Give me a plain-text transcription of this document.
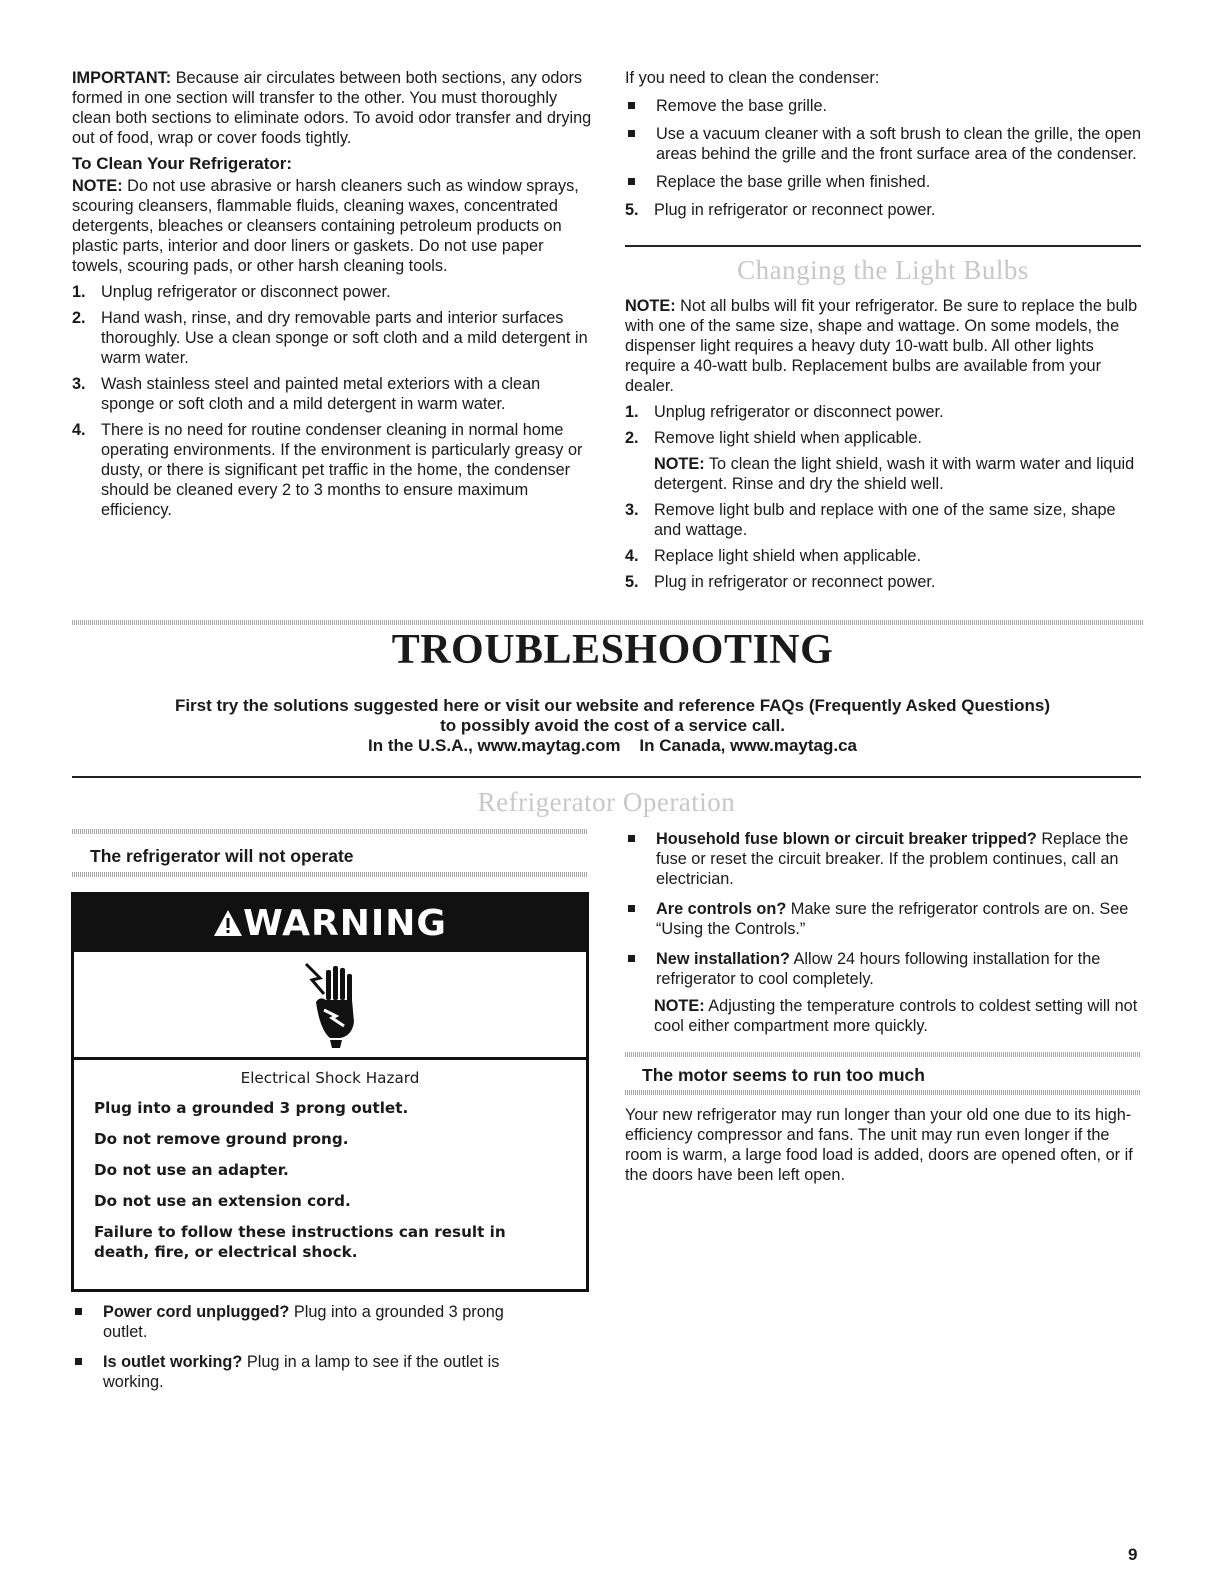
IMPORTANT: Because air circulates between both sections, any odors formed in one section will transfer to the other. You must thoroughly clean both sections to eliminate odors. To avoid odor transfer and drying out of food, wrap or cover foods tightly.

To Clean Your Refrigerator:

NOTE: Do not use abrasive or harsh cleaners such as window sprays, scouring cleansers, flammable fluids, cleaning waxes, concentrated detergents, bleaches or cleansers containing petroleum products on plastic parts, interior and door liners or gaskets. Do not use paper towels, scouring pads, or other harsh cleaning tools.

1. Unplug refrigerator or disconnect power.
2. Hand wash, rinse, and dry removable parts and interior surfaces thoroughly. Use a clean sponge or soft cloth and a mild detergent in warm water.
3. Wash stainless steel and painted metal exteriors with a clean sponge or soft cloth and a mild detergent in warm water.
4. There is no need for routine condenser cleaning in normal home operating environments. If the environment is particularly greasy or dusty, or there is significant pet traffic in the home, the condenser should be cleaned every 2 to 3 months to ensure maximum efficiency.

If you need to clean the condenser:

Remove the base grille.
Use a vacuum cleaner with a soft brush to clean the grille, the open areas behind the grille and the front surface area of the condenser.
Replace the base grille when finished.
5. Plug in refrigerator or reconnect power.
Changing the Light Bulbs

NOTE: Not all bulbs will fit your refrigerator. Be sure to replace the bulb with one of the same size, shape and wattage. On some models, the dispenser light requires a heavy duty 10-watt bulb. All other lights require a 40-watt bulb. Replacement bulbs are available from your dealer.

1. Unplug refrigerator or disconnect power.
2. Remove light shield when applicable.

NOTE: To clean the light shield, wash it with warm water and liquid detergent. Rinse and dry the shield well.

3. Remove light bulb and replace with one of the same size, shape and wattage.
4. Replace light shield when applicable.
5. Plug in refrigerator or reconnect power.
TROUBLESHOOTING
First try the solutions suggested here or visit our website and reference FAQs (Frequently Asked Questions)
to possibly avoid the cost of a service call.
In the U.S.A., www.maytag.com    In Canada, www.maytag.ca
Refrigerator Operation
The refrigerator will not operate
WARNING

Electrical Shock Hazard

Plug into a grounded 3 prong outlet.

Do not remove ground prong.

Do not use an adapter.

Do not use an extension cord.

Failure to follow these instructions can result in death, fire, or electrical shock.

Power cord unplugged? Plug into a grounded 3 prong outlet.
Is outlet working? Plug in a lamp to see if the outlet is working.
Household fuse blown or circuit breaker tripped? Replace the fuse or reset the circuit breaker. If the problem continues, call an electrician.
Are controls on? Make sure the refrigerator controls are on. See “Using the Controls.”
New installation? Allow 24 hours following installation for the refrigerator to cool completely.

NOTE: Adjusting the temperature controls to coldest setting will not cool either compartment more quickly.

The motor seems to run too much

Your new refrigerator may run longer than your old one due to its high-efficiency compressor and fans. The unit may run even longer if the room is warm, a large food load is added, doors are opened often, or if the doors have been left open.

9
